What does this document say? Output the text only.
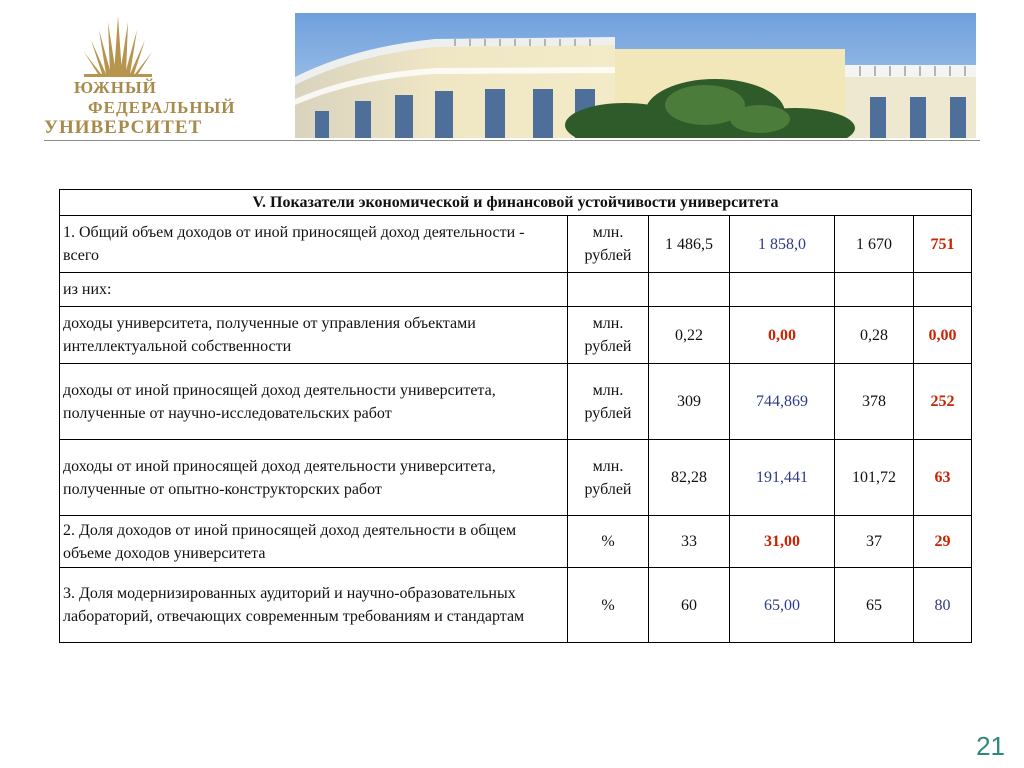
ЮЖНЫЙ
ФЕДЕРАЛЬНЫЙ
УНИВЕРСИТЕТ
V. Показатели экономической и финансовой устойчивости университета					
1. Общий объем доходов от иной приносящей доход деятельности - всего	млн. рублей	1 486,5	1 858,0	1 670	751
из них:					
доходы университета, полученные от управления объектами интеллектуальной собственности	млн. рублей	0,22	0,00	0,28	0,00
доходы от иной приносящей доход деятельности университета, полученные от научно-исследовательских работ	млн. рублей	309	744,869	378	252
доходы от иной приносящей доход деятельности университета, полученные от опытно-конструкторских работ	млн. рублей	82,28	191,441	101,72	63
2. Доля доходов от иной приносящей доход деятельности в общем объеме доходов университета	%	33	31,00	37	29
3. Доля модернизированных аудиторий и научно-образовательных лабораторий, отвечающих современным требованиям и стандартам	%	60	65,00	65	80
21
